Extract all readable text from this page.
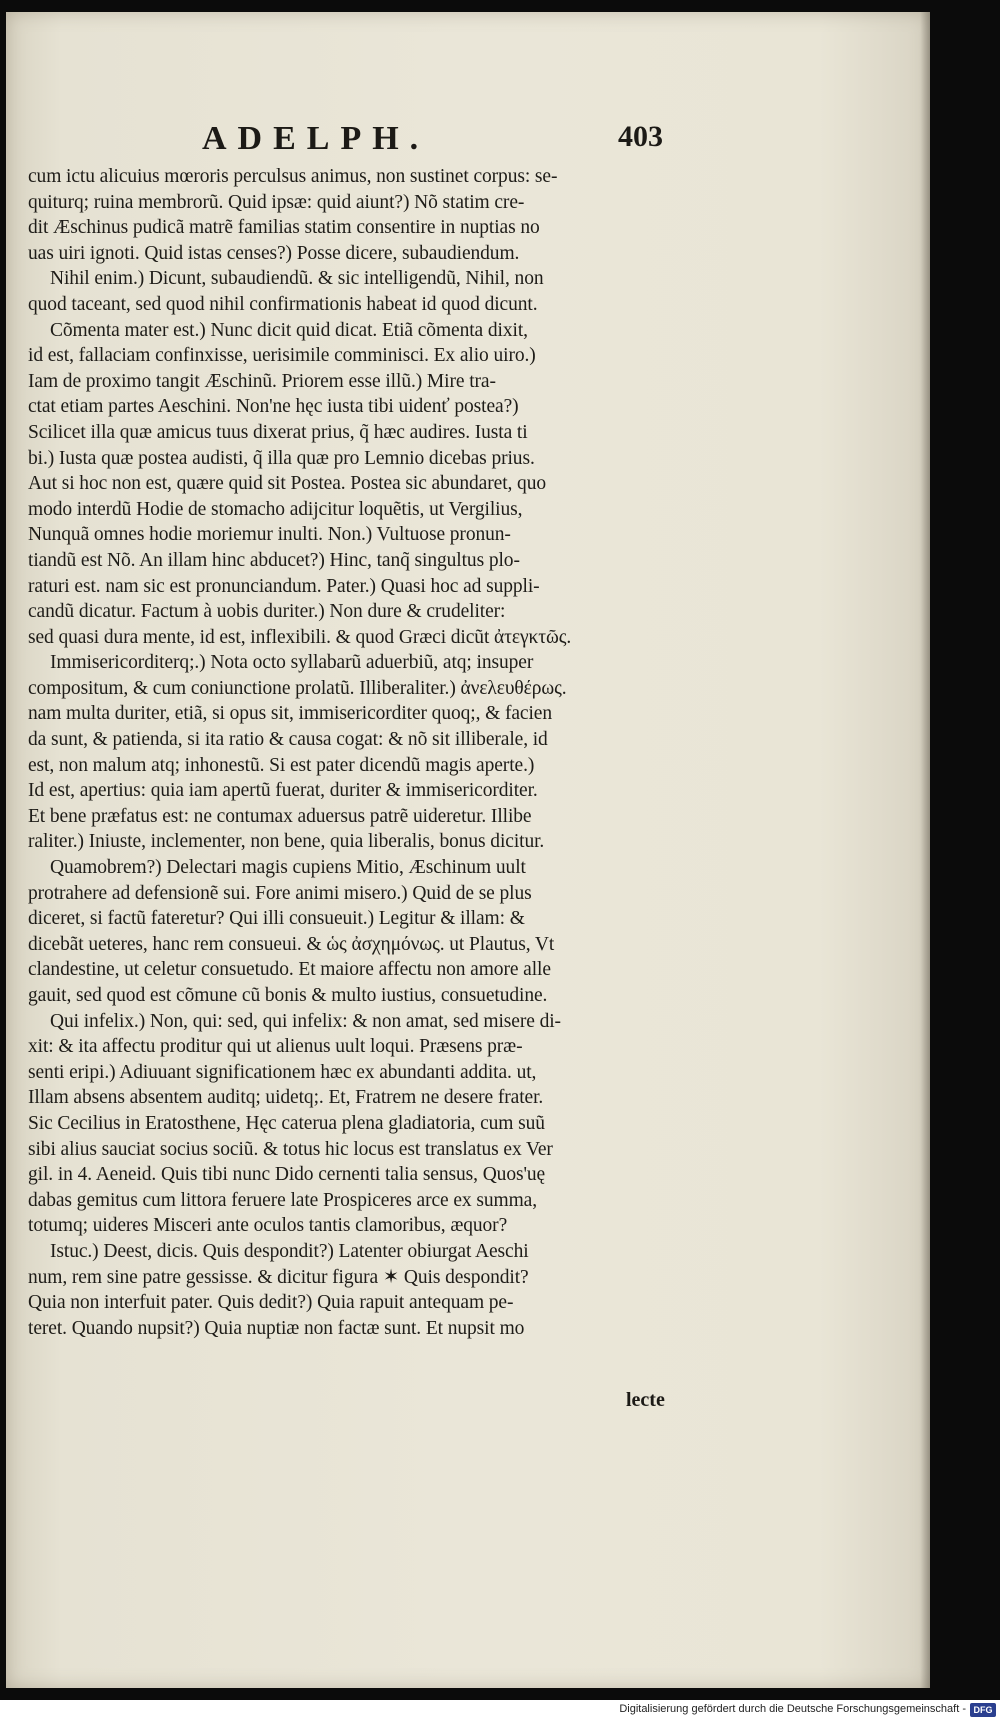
ADELPH.	403
cum ictu alicuius mœroris perculsus animus, non sustinet corpus: se-
quiturq; ruina membrorũ. Quid ipsæ: quid aiunt?) Nõ statim cre-
dit Æschinus pudicã matrẽ familias statim consentire in nuptias no
uas uiri ignoti. Quid istas censes?) Posse dicere, subaudiendum.
Nihil enim.) Dicunt, subaudiendũ. & sic intelligendũ, Nihil, non
quod taceant, sed quod nihil confirmationis habeat id quod dicunt.
Cõmenta mater est.) Nunc dicit quid dicat. Etiã cõmenta dixit,
id est, fallaciam confinxisse, uerisimile comminisci. Ex alio uiro.)
Iam de proximo tangit Æschinũ. Priorem esse illũ.) Mire tra-
ctat etiam partes Aeschini. Non'ne hęc iusta tibi uidenť postea?)
Scilicet illa quæ amicus tuus dixerat prius, q̃ hæc audires. Iusta ti
bi.) Iusta quæ postea audisti, q̃ illa quæ pro Lemnio dicebas prius.
Aut si hoc non est, quære quid sit Postea. Postea sic abundaret, quo
modo interdũ Hodie de stomacho adijcitur loquẽtis, ut Vergilius,
Nunquã omnes hodie moriemur inulti. Non.) Vultuose pronun-
tiandũ est Nõ. An illam hinc abducet?) Hinc, tanq̃ singultus plo-
raturi est. nam sic est pronunciandum. Pater.) Quasi hoc ad suppli-
candũ dicatur. Factum à uobis duriter.) Non dure & crudeliter:
sed quasi dura mente, id est, inflexibili. & quod Græci dicũt ἀτεγκτῶς.
Immisericorditerq;.) Nota octo syllabarũ aduerbiũ, atq; insuper
compositum, & cum coniunctione prolatũ. Illiberaliter.) ἀνελευθέρως.
nam multa duriter, etiã, si opus sit, immisericorditer quoq;, & facien
da sunt, & patienda, si ita ratio & causa cogat: & nõ sit illiberale, id
est, non malum atq; inhonestũ. Si est pater dicendũ magis aperte.)
Id est, apertius: quia iam apertũ fuerat, duriter & immisericorditer.
Et bene præfatus est: ne contumax aduersus patrẽ uideretur. Illibe
raliter.) Iniuste, inclementer, non bene, quia liberalis, bonus dicitur.
Quamobrem?) Delectari magis cupiens Mitio, Æschinum uult
protrahere ad defensionẽ sui. Fore animi misero.) Quid de se plus
diceret, si factũ fateretur? Qui illi consueuit.) Legitur & illam: &
dicebãt ueteres, hanc rem consueui. & ὡς ἀσχημόνως. ut Plautus, Vt
clandestine, ut celetur consuetudo. Et maiore affectu non amore alle
gauit, sed quod est cõmune cũ bonis & multo iustius, consuetudine.
Qui infelix.) Non, qui: sed, qui infelix: & non amat, sed misere di-
xit: & ita affectu proditur qui ut alienus uult loqui. Præsens præ-
senti eripi.) Adiuuant significationem hæc ex abundanti addita. ut,
Illam absens absentem auditq; uidetq;. Et, Fratrem ne desere frater.
Sic Cecilius in Eratosthene, Hęc caterua plena gladiatoria, cum suũ
sibi alius sauciat socius sociũ. & totus hic locus est translatus ex Ver
gil. in 4. Aeneid. Quis tibi nunc Dido cernenti talia sensus, Quos'uę
dabas gemitus cum littora feruere late Prospiceres arce ex summa,
totumq; uideres Misceri ante oculos tantis clamoribus, æquor?
Istuc.) Deest, dicis. Quis despondit?) Latenter obiurgat Aeschi
num, rem sine patre gessisse. & dicitur figura ✶ Quis despondit?
Quia non interfuit pater. Quis dedit?) Quia rapuit antequam pe-
teret. Quando nupsit?) Quia nuptiæ non factæ sunt. Et nupsit mo
lecte
Digitalisierung gefördert durch die Deutsche Forschungsgemeinschaft - DFG
